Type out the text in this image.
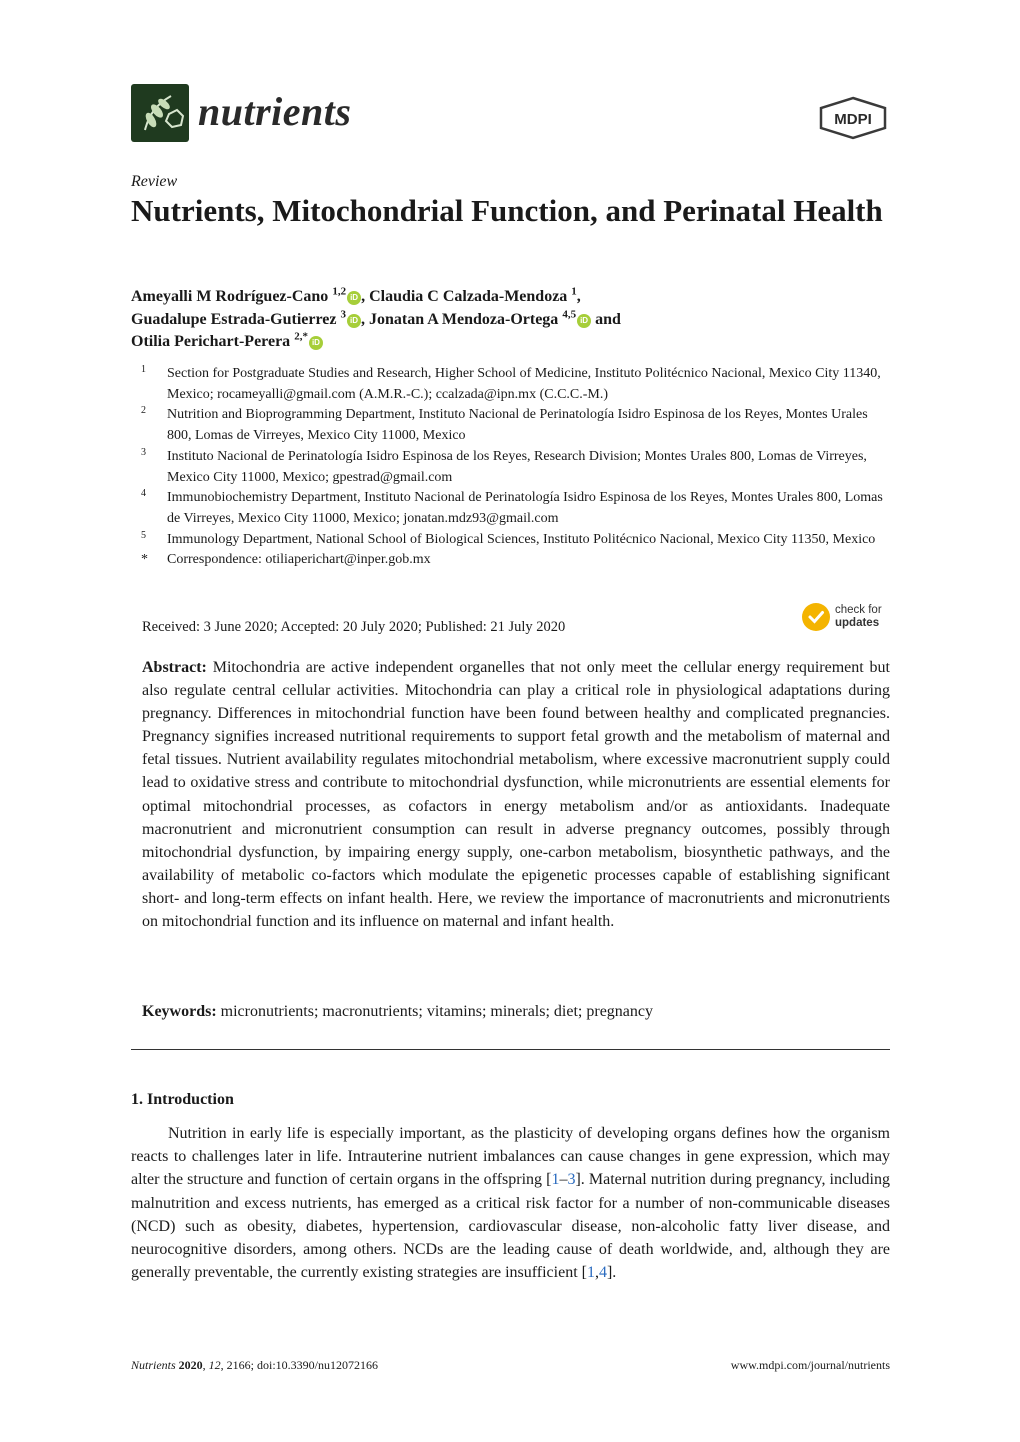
nutrients	MDPI
Review
Nutrients, Mitochondrial Function, and Perinatal Health
Ameyalli M Rodríguez-Cano $^{1,2}$ iD , Claudia C Calzada-Mendoza $^1$,
Guadalupe Estrada-Gutierrez $^3$ iD , Jonatan A Mendoza-Ortega $^{4,5}$ iD and
Otilia Perichart-Perera $^{2,*}$ iD
1 Section for Postgraduate Studies and Research, Higher School of Medicine, Instituto Politécnico Nacional, Mexico City 11340, Mexico; rocameyalli@gmail.com (A.M.R.-C.); ccalzada@ipn.mx (C.C.C.-M.)
2 Nutrition and Bioprogramming Department, Instituto Nacional de Perinatología Isidro Espinosa de los Reyes, Montes Urales 800, Lomas de Virreyes, Mexico City 11000, Mexico
3 Instituto Nacional de Perinatología Isidro Espinosa de los Reyes, Research Division; Montes Urales 800, Lomas de Virreyes, Mexico City 11000, Mexico; gpestrad@gmail.com
4 Immunobiochemistry Department, Instituto Nacional de Perinatología Isidro Espinosa de los Reyes, Montes Urales 800, Lomas de Virreyes, Mexico City 11000, Mexico; jonatan.mdz93@gmail.com
5 Immunology Department, National School of Biological Sciences, Instituto Politécnico Nacional, Mexico City 11350, Mexico
* Correspondence: otiliaperichart@inper.gob.mx
Received: 3 June 2020; Accepted: 20 July 2020; Published: 21 July 2020
check for
updates
Abstract: Mitochondria are active independent organelles that not only meet the cellular energy requirement but also regulate central cellular activities. Mitochondria can play a critical role in physiological adaptations during pregnancy. Differences in mitochondrial function have been found between healthy and complicated pregnancies. Pregnancy signifies increased nutritional requirements to support fetal growth and the metabolism of maternal and fetal tissues. Nutrient availability regulates mitochondrial metabolism, where excessive macronutrient supply could lead to oxidative stress and contribute to mitochondrial dysfunction, while micronutrients are essential elements for optimal mitochondrial processes, as cofactors in energy metabolism and/or as antioxidants. Inadequate macronutrient and micronutrient consumption can result in adverse pregnancy outcomes, possibly through mitochondrial dysfunction, by impairing energy supply, one-carbon metabolism, biosynthetic pathways, and the availability of metabolic co-factors which modulate the epigenetic processes capable of establishing significant short- and long-term effects on infant health. Here, we review the importance of macronutrients and micronutrients on mitochondrial function and its influence on maternal and infant health.
Keywords: micronutrients; macronutrients; vitamins; minerals; diet; pregnancy
1. Introduction
Nutrition in early life is especially important, as the plasticity of developing organs defines how the organism reacts to challenges later in life. Intrauterine nutrient imbalances can cause changes in gene expression, which may alter the structure and function of certain organs in the offspring [1–3]. Maternal nutrition during pregnancy, including malnutrition and excess nutrients, has emerged as a critical risk factor for a number of non-communicable diseases (NCD) such as obesity, diabetes, hypertension, cardiovascular disease, non-alcoholic fatty liver disease, and neurocognitive disorders, among others. NCDs are the leading cause of death worldwide, and, although they are generally preventable, the currently existing strategies are insufficient [1,4].
Nutrients 2020, 12, 2166; doi:10.3390/nu12072166	www.mdpi.com/journal/nutrients
